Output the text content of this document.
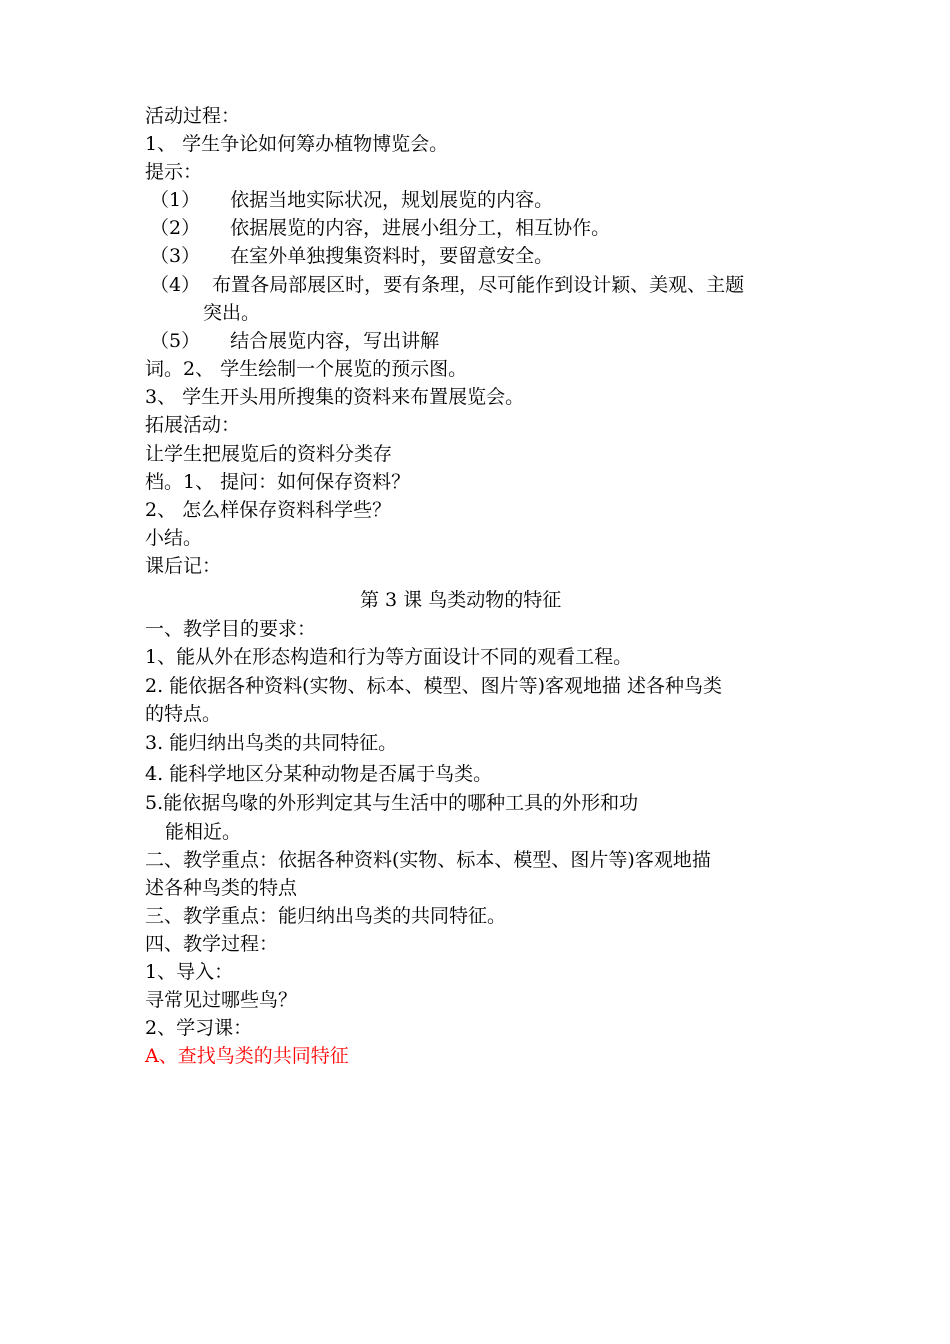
活动过程：
1、 学生争论如何筹办植物博览会。
提示：
（1） 依据当地实际状况，规划展览的内容。
（2） 依据展览的内容，进展小组分工，相互协作。
（3） 在室外单独搜集资料时，要留意安全。
（4） 布置各局部展区时，要有条理，尽可能作到设计颖、美观、主题
突出。
（5） 结合展览内容，写出讲解
词。2、 学生绘制一个展览的预示图。
3、 学生开头用所搜集的资料来布置展览会。
拓展活动：
让学生把展览后的资料分类存
档。1、 提问：如何保存资料？
2、 怎么样保存资料科学些？
小结。
课后记：
第 3 课 鸟类动物的特征
一、教学目的要求：
1、能从外在形态构造和行为等方面设计不同的观看工程。
2. 能依据各种资料(实物、标本、模型、图片等)客观地描 述各种鸟类
的特点。
3. 能归纳出鸟类的共同特征。
4. 能科学地区分某种动物是否属于鸟类。
5.能依据鸟喙的外形判定其与生活中的哪种工具的外形和功
能相近。
二、教学重点：依据各种资料(实物、标本、模型、图片等)客观地描
述各种鸟类的特点
三、教学重点：能归纳出鸟类的共同特征。
四、教学过程：
1、导入：
寻常见过哪些鸟？
2、学习课：
A、查找鸟类的共同特征
